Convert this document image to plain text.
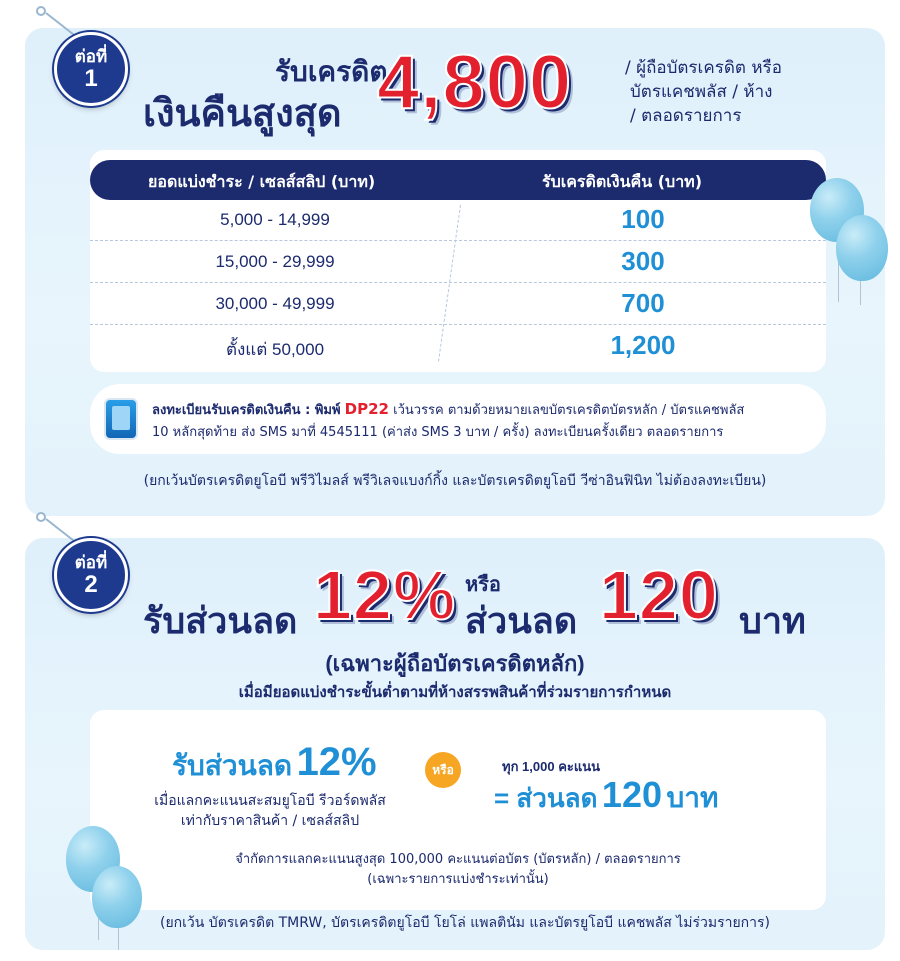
รับเครดิต
เงินคืนสูงสุด 4,800	/ ผู้ถือบัตรเครดิต หรือ
บัตรแคชพลัส / ห้าง
/ ตลอดรายการ
ยอดแบ่งชำระ / เซลส์สลิป (บาท)	รับเครดิตเงินคืน (บาท)
5,000 - 14,999	100
15,000 - 29,999	300
30,000 - 49,999	700
ตั้งแต่ 50,000	1,200
ลงทะเบียนรับเครดิตเงินคืน : พิมพ์ DP22 เว้นวรรค ตามด้วยหมายเลขบัตรเครดิตบัตรหลัก / บัตรแคชพลัส
10 หลักสุดท้าย ส่ง SMS มาที่ 4545111 (ค่าส่ง SMS 3 บาท / ครั้ง) ลงทะเบียนครั้งเดียว ตลอดรายการ
(ยกเว้นบัตรเครดิตยูโอบี พรีวิไมลส์ พรีวิเลจแบงก์กิ้ง และบัตรเครดิตยูโอบี วีซ่าอินฟินิท ไม่ต้องลงทะเบียน)
ต่อที่
1
รับส่วนลด 12% หรือ
ส่วนลด 120 บาท
(เฉพาะผู้ถือบัตรเครดิตหลัก)
เมื่อมียอดแบ่งชำระขั้นต่ำตามที่ห้างสรรพสินค้าที่ร่วมรายการกำหนด
รับส่วนลด 12%
เมื่อแลกคะแนนสะสมยูโอบี รีวอร์ดพลัส
เท่ากับราคาสินค้า / เซลส์สลิป
หรือ	ทุก 1,000 คะแนน
= ส่วนลด 120 บาท
จำกัดการแลกคะแนนสูงสุด 100,000 คะแนนต่อบัตร (บัตรหลัก) / ตลอดรายการ
(เฉพาะรายการแบ่งชำระเท่านั้น)
(ยกเว้น บัตรเครดิต TMRW, บัตรเครดิตยูโอบี โยโล่ แพลตินัม และบัตรยูโอบี แคชพลัส ไม่ร่วมรายการ)
ต่อที่
2
